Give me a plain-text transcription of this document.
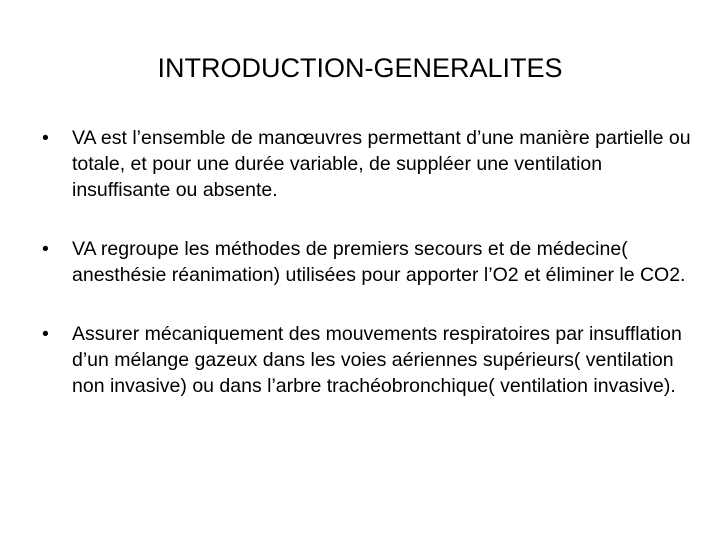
INTRODUCTION-GENERALITES
• VA est l’ensemble de manœuvres permettant d’une manière partielle ou totale, et pour une durée variable, de suppléer une ventilation insuffisante ou absente.
• VA regroupe les méthodes de premiers secours et de médecine( anesthésie réanimation) utilisées pour apporter l’O2 et éliminer le CO2.
• Assurer mécaniquement des mouvements respiratoires par insufflation d’un mélange gazeux dans les voies aériennes supérieurs( ventilation non invasive) ou dans l’arbre trachéobronchique( ventilation invasive).
